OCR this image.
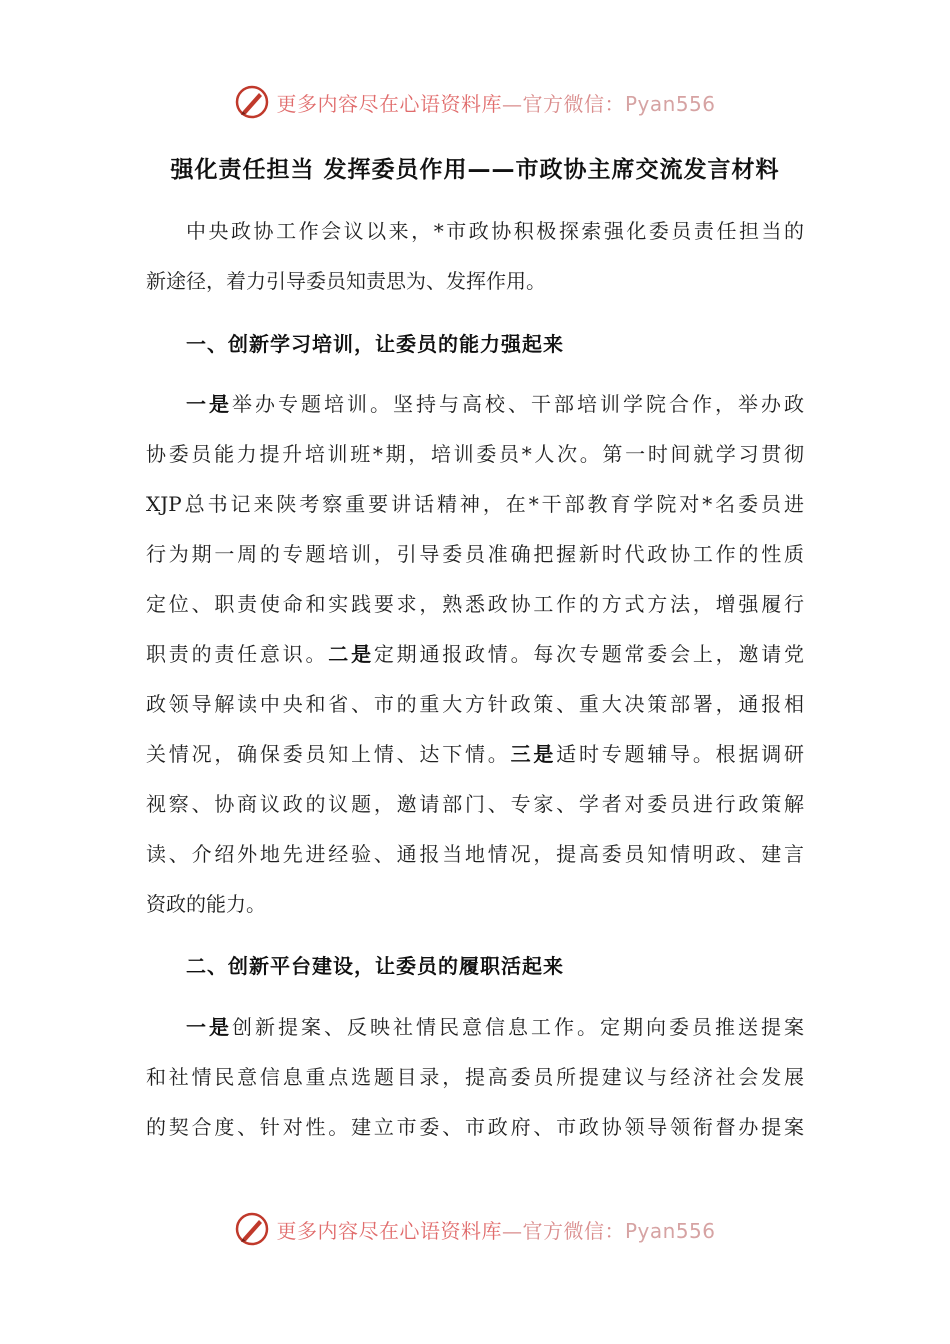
更多内容尽在心语资料库—官方微信：Pyan556
强化责任担当 发挥委员作用——市政协主席交流发言材料
中央政协工作会议以来，*市政协积极探索强化委员责任担当的
新途径，着力引导委员知责思为、发挥作用。
一、创新学习培训，让委员的能力强起来
一是举办专题培训。坚持与高校、干部培训学院合作，举办政
协委员能力提升培训班*期，培训委员*人次。第一时间就学习贯彻
XJP总书记来陕考察重要讲话精神，在*干部教育学院对*名委员进
行为期一周的专题培训，引导委员准确把握新时代政协工作的性质
定位、职责使命和实践要求，熟悉政协工作的方式方法，增强履行
职责的责任意识。二是定期通报政情。每次专题常委会上，邀请党
政领导解读中央和省、市的重大方针政策、重大决策部署，通报相
关情况，确保委员知上情、达下情。三是适时专题辅导。根据调研
视察、协商议政的议题，邀请部门、专家、学者对委员进行政策解
读、介绍外地先进经验、通报当地情况，提高委员知情明政、建言
资政的能力。
二、创新平台建设，让委员的履职活起来
一是创新提案、反映社情民意信息工作。定期向委员推送提案
和社情民意信息重点选题目录，提高委员所提建议与经济社会发展
的契合度、针对性。建立市委、市政府、市政协领导领衔督办提案
更多内容尽在心语资料库—官方微信：Pyan556
